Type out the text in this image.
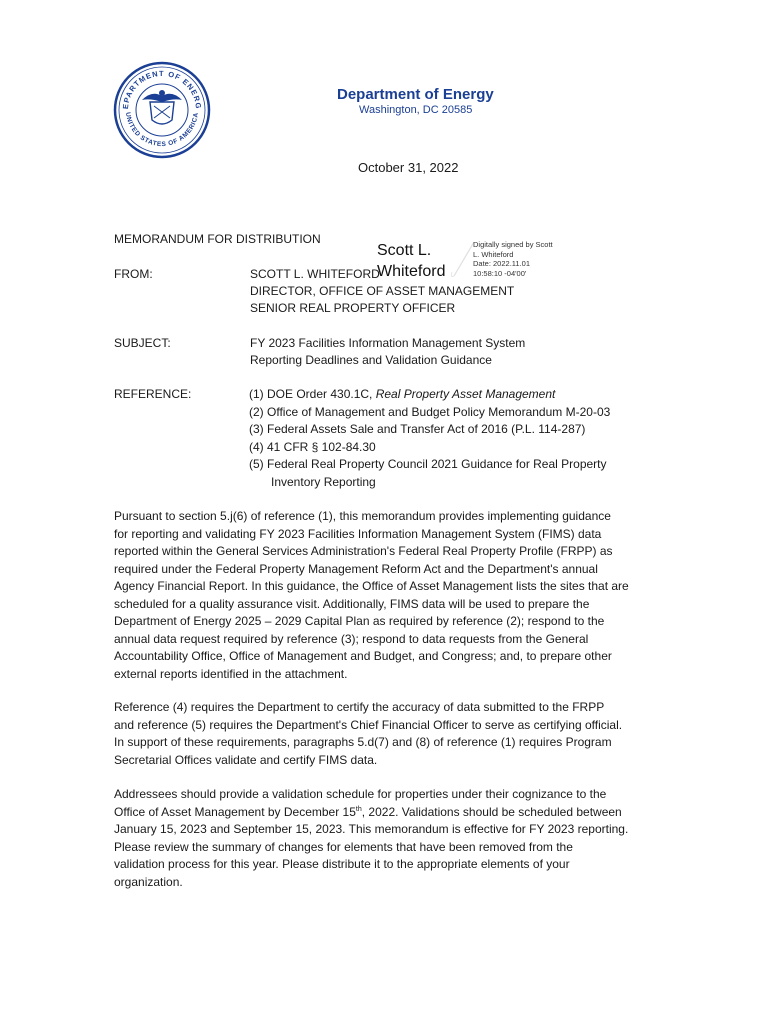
EPARTMENT OF ENERG
UNITED STATES OF AMERICA
Department of Energy
Washington, DC 20585
October 31, 2022
MEMORANDUM FOR DISTRIBUTION
FROM:	SCOTT L. WHITEFORD
DIRECTOR, OFFICE OF ASSET MANAGEMENT
SENIOR REAL PROPERTY OFFICER
Scott L.
Whiteford
Digitally signed by Scott
L. Whiteford
Date: 2022.11.01
10:58:10 -04'00'
SUBJECT:	FY 2023 Facilities Information Management System
Reporting Deadlines and Validation Guidance
REFERENCE:	(1) DOE Order 430.1C, Real Property Asset Management
(2) Office of Management and Budget Policy Memorandum M-20-03
(3) Federal Assets Sale and Transfer Act of 2016 (P.L. 114-287)
(4) 41 CFR § 102-84.30
(5) Federal Real Property Council 2021 Guidance for Real Property
Inventory Reporting
Pursuant to section 5.j(6) of reference (1), this memorandum provides implementing guidance
for reporting and validating FY 2023 Facilities Information Management System (FIMS) data
reported within the General Services Administration's Federal Real Property Profile (FRPP) as
required under the Federal Property Management Reform Act and the Department's annual
Agency Financial Report. In this guidance, the Office of Asset Management lists the sites that are
scheduled for a quality assurance visit. Additionally, FIMS data will be used to prepare the
Department of Energy 2025 – 2029 Capital Plan as required by reference (2); respond to the
annual data request required by reference (3); respond to data requests from the General
Accountability Office, Office of Management and Budget, and Congress; and, to prepare other
external reports identified in the attachment.
Reference (4) requires the Department to certify the accuracy of data submitted to the FRPP
and reference (5) requires the Department's Chief Financial Officer to serve as certifying official.
In support of these requirements, paragraphs 5.d(7) and (8) of reference (1) requires Program
Secretarial Offices validate and certify FIMS data.
Addressees should provide a validation schedule for properties under their cognizance to the
Office of Asset Management by December 15th, 2022. Validations should be scheduled between
January 15, 2023 and September 15, 2023. This memorandum is effective for FY 2023 reporting.
Please review the summary of changes for elements that have been removed from the
validation process for this year. Please distribute it to the appropriate elements of your
organization.
